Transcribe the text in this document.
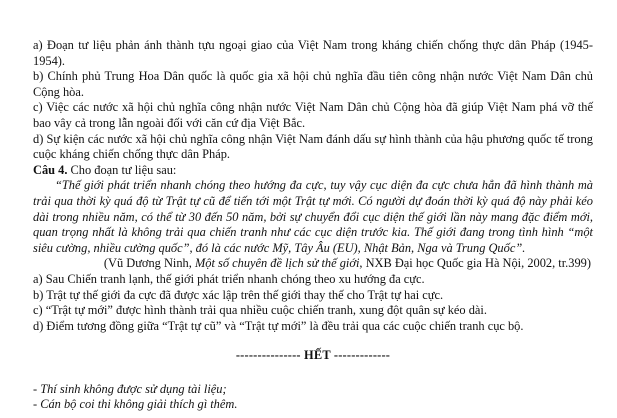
a) Đoạn tư liệu phản ánh thành tựu ngoại giao của Việt Nam trong kháng chiến chống thực dân Pháp (1945-1954).

b) Chính phủ Trung Hoa Dân quốc là quốc gia xã hội chủ nghĩa đầu tiên công nhận nước Việt Nam Dân chủ Cộng hòa.

c) Việc các nước xã hội chủ nghĩa công nhận nước Việt Nam Dân chủ Cộng hòa đã giúp Việt Nam phá vỡ thế bao vây cả trong lẫn ngoài đối với căn cứ địa Việt Bắc.

d) Sự kiện các nước xã hội chủ nghĩa công nhận Việt Nam đánh dấu sự hình thành của hậu phương quốc tế trong cuộc kháng chiến chống thực dân Pháp.

Câu 4. Cho đoạn tư liệu sau:

“Thế giới phát triển nhanh chóng theo hướng đa cực, tuy vậy cục diện đa cực chưa hẳn đã hình thành mà trải qua thời kỳ quá độ từ Trật tự cũ để tiến tới một Trật tự mới. Có người dự đoán thời kỳ quá độ này phải kéo dài trong nhiều năm, có thể từ 30 đến 50 năm, bởi sự chuyển đổi cục diện thế giới lần này mang đặc điểm mới, quan trọng nhất là không trải qua chiến tranh như các cục diện trước kia. Thế giới đang trong tình hình “một siêu cường, nhiều cường quốc”, đó là các nước Mỹ, Tây Âu (EU), Nhật Bản, Nga và Trung Quốc”.

(Vũ Dương Ninh, Một số chuyên đề lịch sử thế giới, NXB Đại học Quốc gia Hà Nội, 2002, tr.399)

a) Sau Chiến tranh lạnh, thế giới phát triển nhanh chóng theo xu hướng đa cực.

b) Trật tự thế giới đa cực đã được xác lập trên thế giới thay thế cho Trật tự hai cực.

c) “Trật tự mới” được hình thành trải qua nhiều cuộc chiến tranh, xung đột quân sự kéo dài.

d) Điểm tương đồng giữa “Trật tự cũ” và “Trật tự mới” là đều trải qua các cuộc chiến tranh cục bộ.

--------------- HẾT -------------

- Thí sinh không được sử dụng tài liệu;

- Cán bộ coi thi không giải thích gì thêm.
